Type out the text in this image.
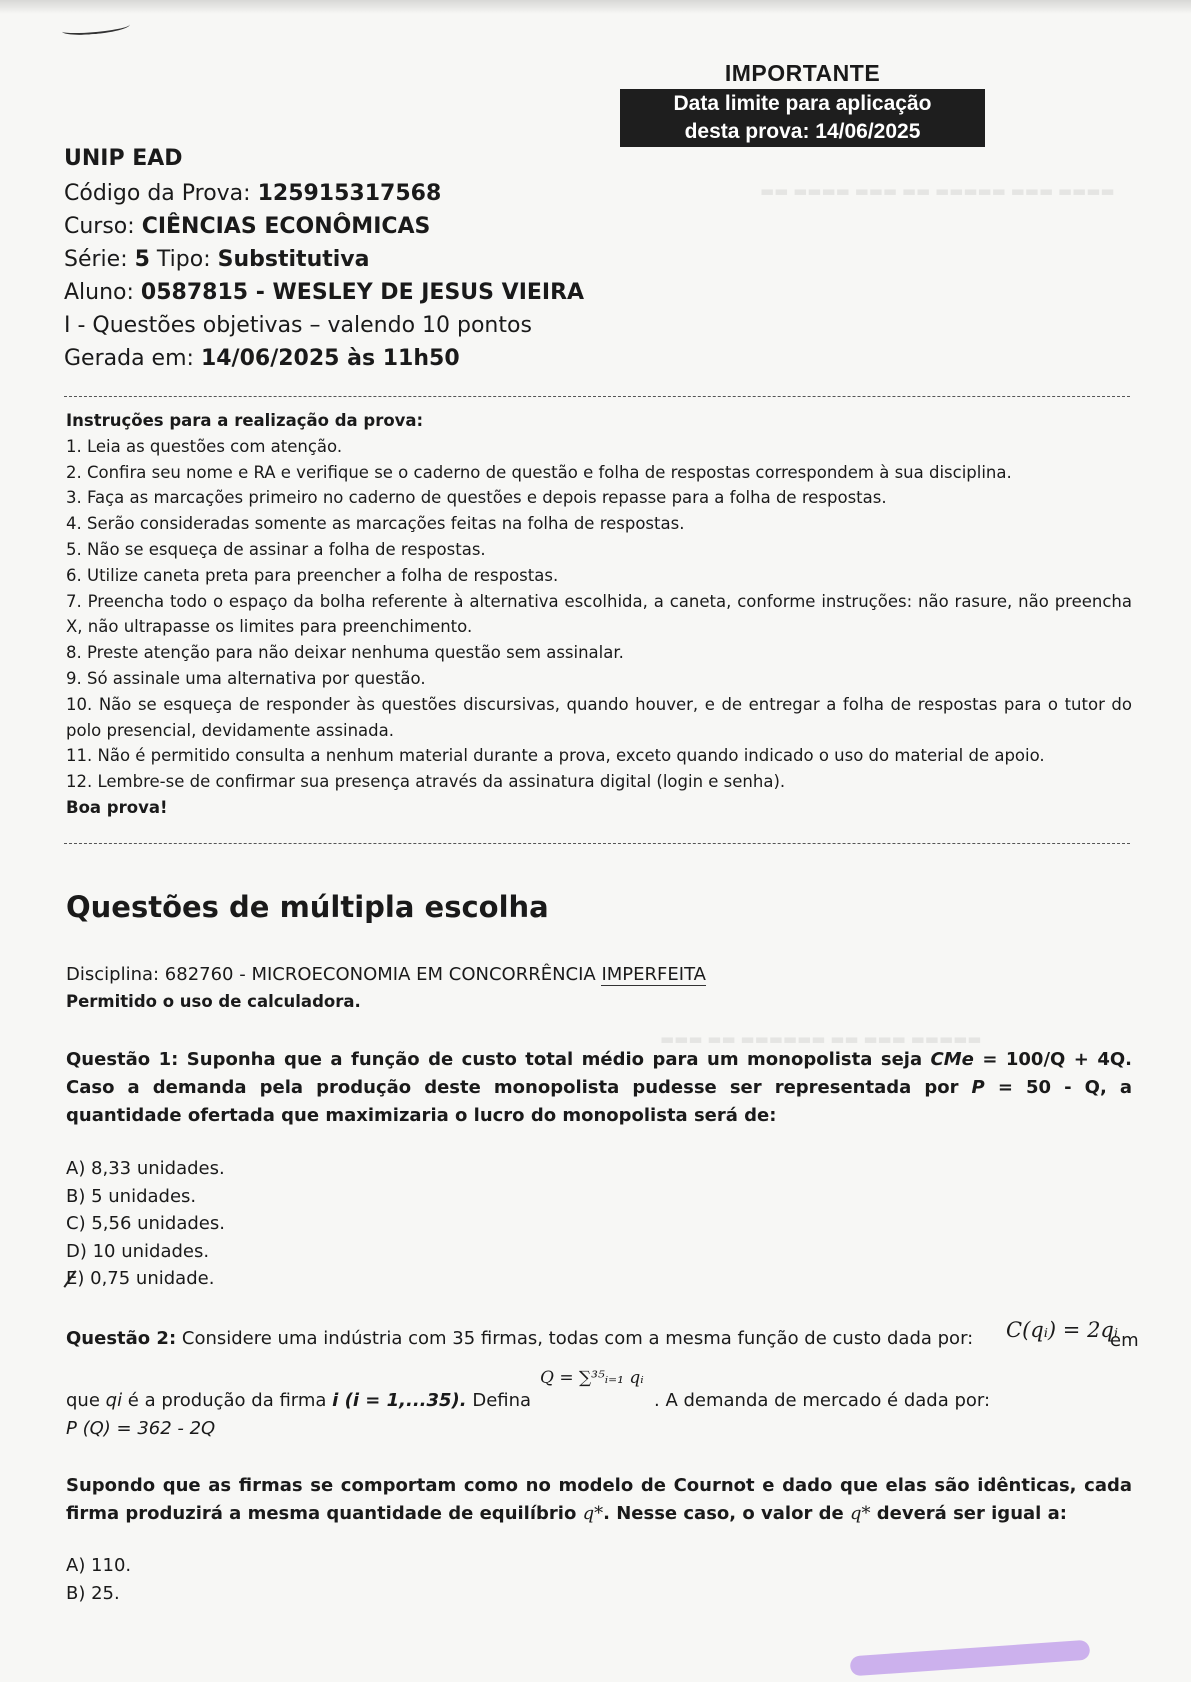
▬▬ ▬▬▬▬ ▬▬▬ ▬▬ ▬▬▬▬▬ ▬▬▬ ▬▬▬▬
▬▬▬ ▬▬ ▬▬▬▬▬▬ ▬▬ ▬▬▬ ▬▬▬▬▬
IMPORTANTE
Data limite para aplicação
desta prova: 14/06/2025
UNIP EAD
Código da Prova: 125915317568
Curso: CIÊNCIAS ECONÔMICAS
Série: 5 Tipo: Substitutiva
Aluno: 0587815 - WESLEY DE JESUS VIEIRA
I - Questões objetivas – valendo 10 pontos
Gerada em: 14/06/2025 às 11h50

Instruções para a realização da prova:

1. Leia as questões com atenção.

2. Confira seu nome e RA e verifique se o caderno de questão e folha de respostas correspondem à sua disciplina.

3. Faça as marcações primeiro no caderno de questões e depois repasse para a folha de respostas.

4. Serão consideradas somente as marcações feitas na folha de respostas.

5. Não se esqueça de assinar a folha de respostas.

6. Utilize caneta preta para preencher a folha de respostas.

7. Preencha todo o espaço da bolha referente à alternativa escolhida, a caneta, conforme instruções: não rasure, não preencha X, não ultrapasse os limites para preenchimento.

8. Preste atenção para não deixar nenhuma questão sem assinalar.

9. Só assinale uma alternativa por questão.

10. Não se esqueça de responder às questões discursivas, quando houver, e de entregar a folha de respostas para o tutor do polo presencial, devidamente assinada.

11. Não é permitido consulta a nenhum material durante a prova, exceto quando indicado o uso do material de apoio.

12. Lembre-se de confirmar sua presença através da assinatura digital (login e senha).

Boa prova!

Questões de múltipla escolha
Disciplina: 682760 - MICROECONOMIA EM CONCORRÊNCIA IMPERFEITA
Permitido o uso de calculadora.
Questão 1: Suponha que a função de custo total médio para um monopolista seja CMe = 100/Q + 4Q. Caso a demanda pela produção deste monopolista pudesse ser representada por P = 50 - Q, a quantidade ofertada que maximizaria o lucro do monopolista será de:
A) 8,33 unidades.
B) 5 unidades.
C) 5,56 unidades.
D) 10 unidades.
E) 0,75 unidade.
Questão 2: Considere uma indústria com 35 firmas, todas com a mesma função de custo dada por:	C(qᵢ) = 2qᵢ
em
que qi é a produção da firma i (i = 1,...35). Defina
Q = ∑³⁵ᵢ₌₁ qᵢ
. A demanda de mercado é dada por:
P (Q) = 362 - 2Q
Supondo que as firmas se comportam como no modelo de Cournot e dado que elas são idênticas, cada firma produzirá a mesma quantidade de equilíbrio q*. Nesse caso, o valor de q* deverá ser igual a:
A) 110.
B) 25.
